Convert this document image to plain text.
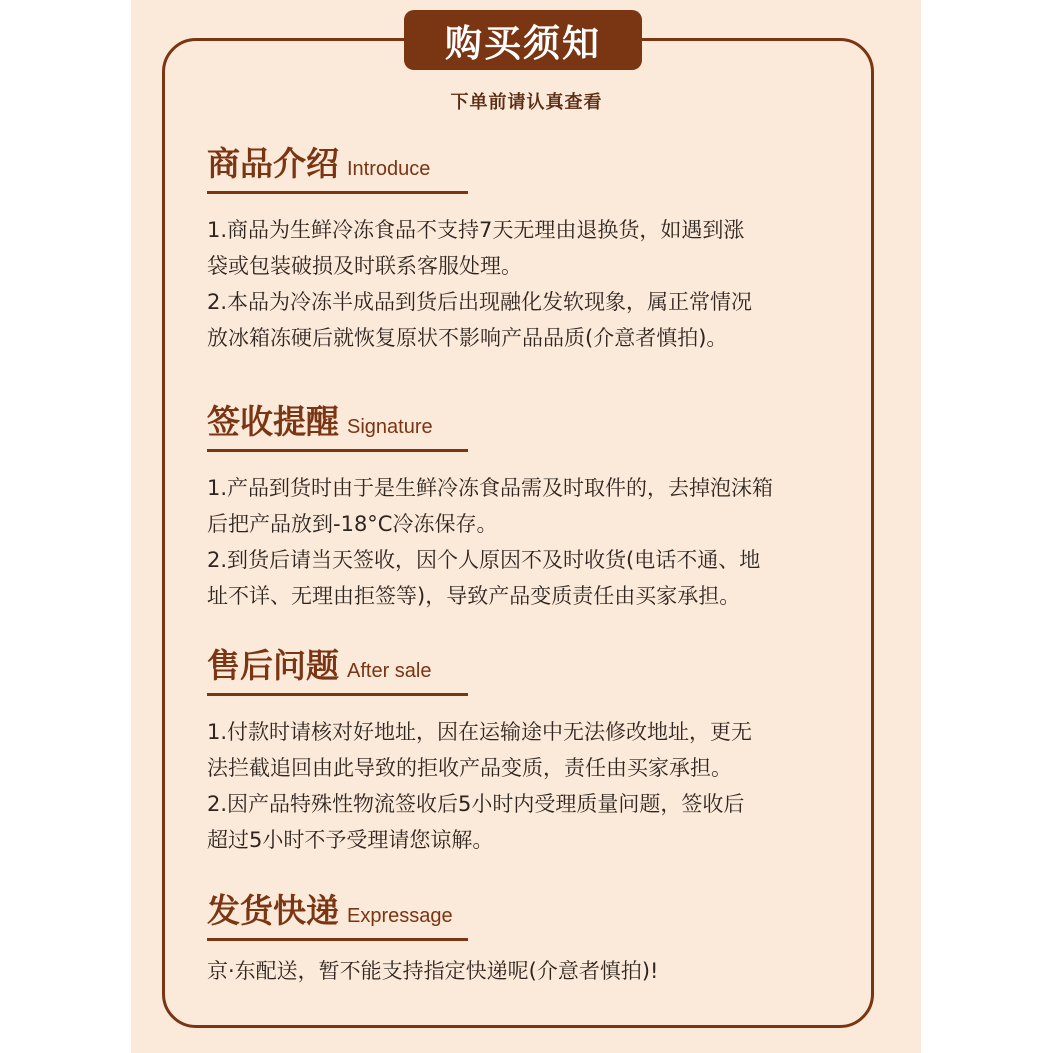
购买须知
下单前请认真查看
商品介绍 Introduce
1.商品为生鲜冷冻食品不支持7天无理由退换货，如遇到涨
袋或包装破损及时联系客服处理。
2.本品为冷冻半成品到货后出现融化发软现象，属正常情况
放冰箱冻硬后就恢复原状不影响产品品质(介意者慎拍)。
签收提醒 Signature
1.产品到货时由于是生鲜冷冻食品需及时取件的，去掉泡沫箱
后把产品放到-18°C冷冻保存。
2.到货后请当天签收，因个人原因不及时收货(电话不通、地
址不详、无理由拒签等)，导致产品变质责任由买家承担。
售后问题 After sale
1.付款时请核对好地址，因在运输途中无法修改地址，更无
法拦截追回由此导致的拒收产品变质，责任由买家承担。
2.因产品特殊性物流签收后5小时内受理质量问题，签收后
超过5小时不予受理请您谅解。
发货快递 Expressage
京·东配送，暂不能支持指定快递呢(介意者慎拍)!
